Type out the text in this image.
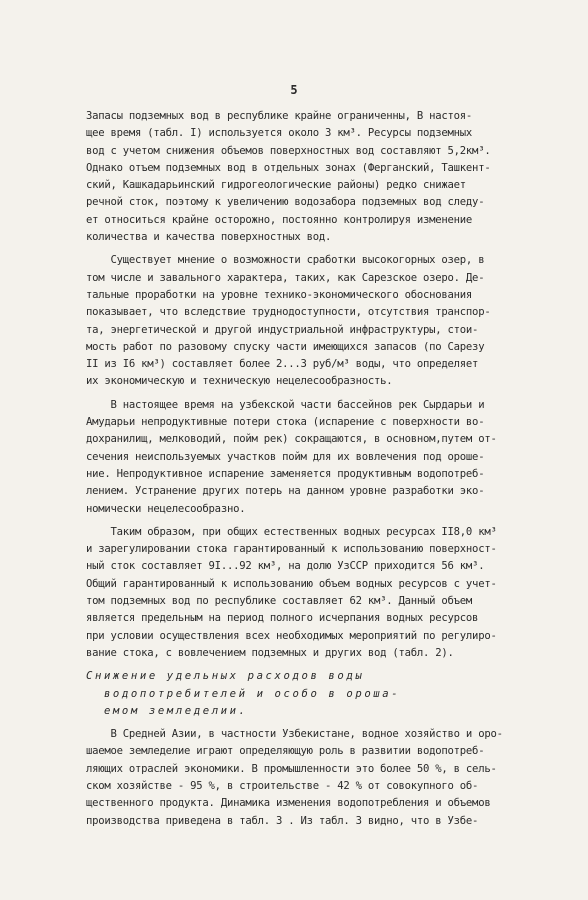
5
Запасы подземных вод в республике крайне ограниченны, В настоя-
щее время (табл. I) используется около 3 км³. Ресурсы подземных
вод с учетом снижения объемов поверхностных вод составляют 5,2км³.
Однако отъем подземных вод в отдельных зонах (Ферганский, Ташкент-
ский, Кашкадарьинский гидрогеологические районы) редко снижает
речной сток, поэтому к увеличению водозабора подземных вод следу-
ет относиться крайне осторожно, постоянно контролируя изменение
количества и качества поверхностных вод.
Существует мнение о возможности сработки высокогорных озер, в
том числе и завального характера, таких, как Сарезское озеро. Де-
тальные проработки на уровне технико-экономического обоснования
показывает, что вследствие труднодоступности, отсутствия транспор-
та, энергетической и другой индустриальной инфраструктуры, стои-
мость работ по разовому спуску части имеющихся запасов (по Сарезу
II из I6 км³) составляет более 2...3 руб/м³ воды, что определяет
их экономическую и техническую нецелесообразность.
В настоящее время на узбекской части бассейнов рек Сырдарьи и
Амударьи непродуктивные потери стока (испарение с поверхности во-
дохранилищ, мелководий, пойм рек) сокращаются, в основном,путем от-
сечения неиспользуемых участков пойм для их вовлечения под ороше-
ние. Непродуктивное испарение заменяется продуктивным водопотреб-
лением. Устранение других потерь на данном уровне разработки эко-
номически нецелесообразно.
Таким образом, при общих естественных водных ресурсах II8,0 км³
и зарегулировании стока гарантированный к использованию поверхност-
ный сток составляет 9I...92 км³, на долю УзССР приходится 56 км³.
Общий гарантированный к использованию объем водных ресурсов с учет-
том подземных вод по республике составляет 62 км³. Данный объем
является предельным на период полного исчерпания водных ресурсов
при условии осуществления всех необходимых мероприятий по регулиро-
вание стока, с вовлечением подземных и других вод (табл. 2).
Снижение удельных расходов воды
водопотребителей и особо в ороша-
емом земледелии.
В Средней Азии, в частности Узбекистане, водное хозяйство и оро-
шаемое земледелие играют определяющую роль в развитии водопотреб-
ляющих отраслей экономики. В промышленности это более 50 %, в сель-
ском хозяйстве - 95 %, в строительстве - 42 % от совокупного об-
щественного продукта. Динамика изменения водопотребления и объемов
производства приведена в табл. 3 . Из табл. 3 видно, что в Узбе-
